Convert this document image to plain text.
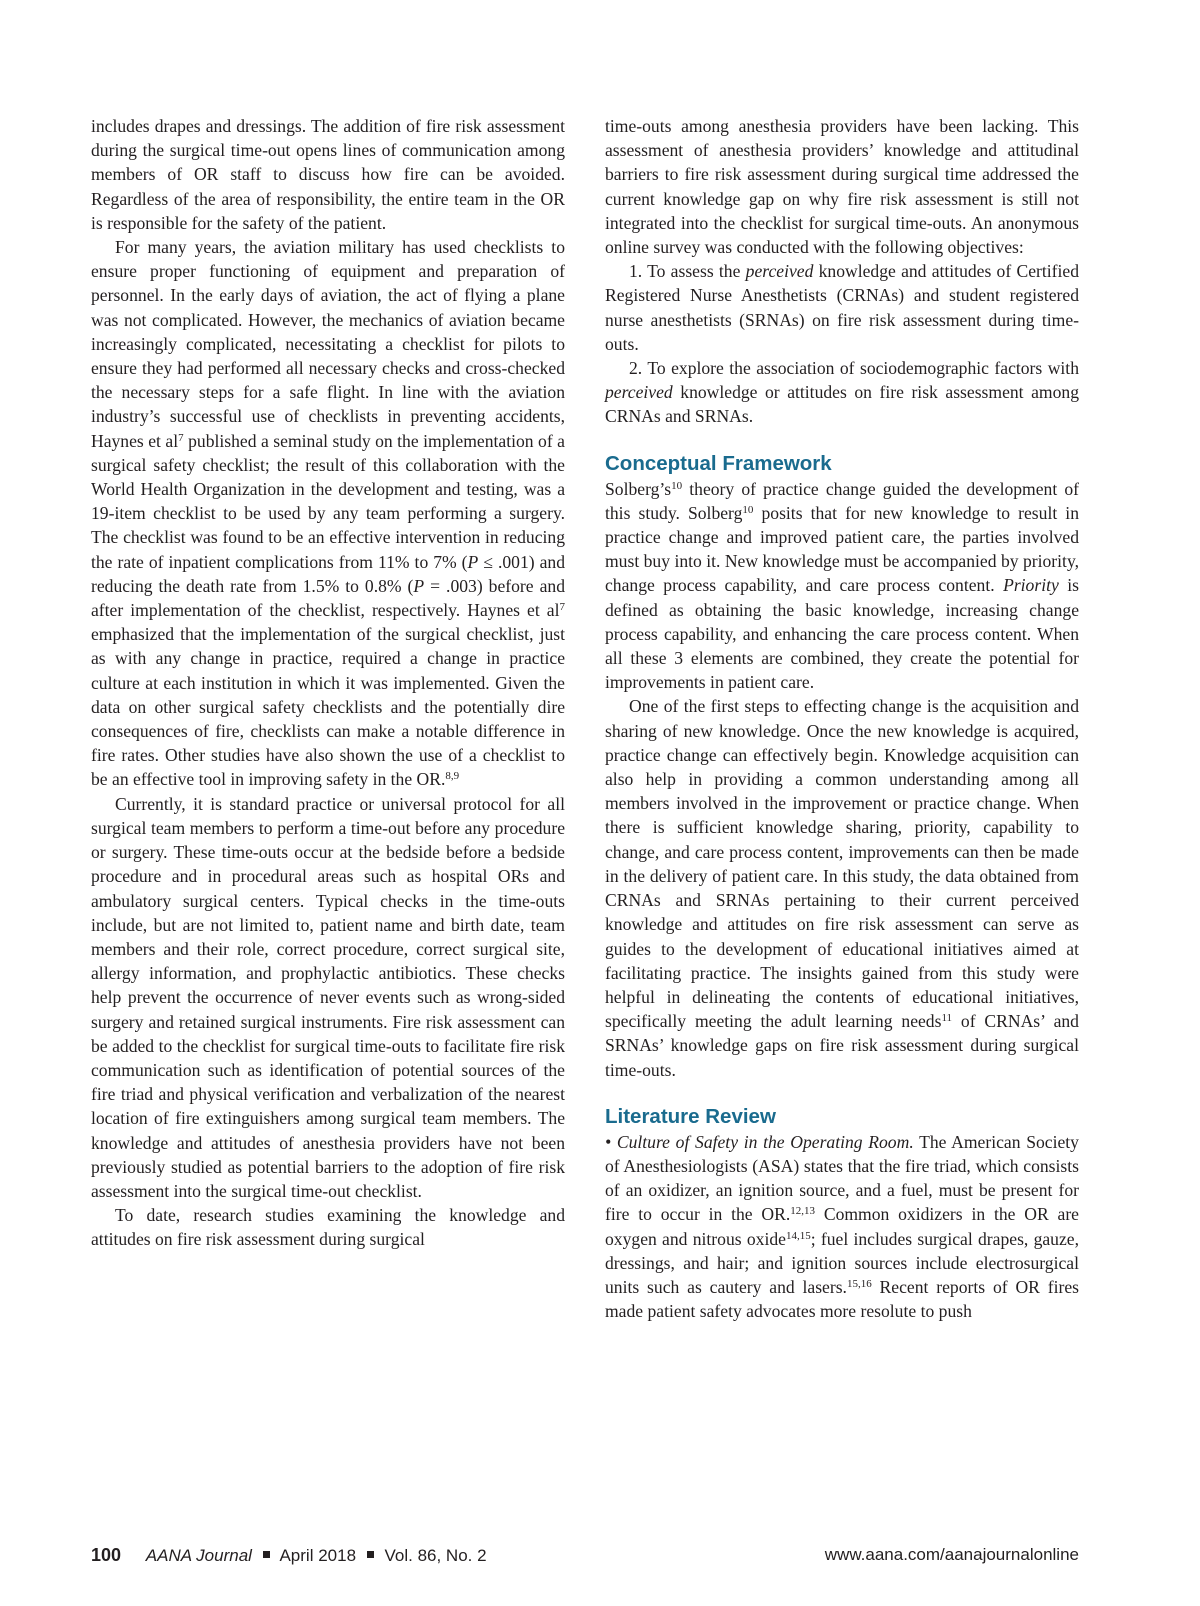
includes drapes and dressings. The addition of fire risk assessment during the surgical time-out opens lines of communication among members of OR staff to discuss how fire can be avoided. Regardless of the area of responsibility, the entire team in the OR is responsible for the safety of the patient.

For many years, the aviation military has used checklists to ensure proper functioning of equipment and preparation of personnel. In the early days of aviation, the act of flying a plane was not complicated. However, the mechanics of aviation became increasingly complicated, necessitating a checklist for pilots to ensure they had performed all necessary checks and cross-checked the necessary steps for a safe flight. In line with the aviation industry’s successful use of checklists in preventing accidents, Haynes et $al^7$ published a seminal study on the implementation of a surgical safety checklist; the result of this collaboration with the World Health Organization in the development and testing, was a 19-item checklist to be used by any team performing a surgery. The checklist was found to be an effective intervention in reducing the rate of inpatient complications from 11% to 7% (P ≤ .001) and reducing the death rate from 1.5% to 0.8% (P = .003) before and after implementation of the checklist, respectively. Haynes et $al^7$ emphasized that the implementation of the surgical checklist, just as with any change in practice, required a change in practice culture at each institution in which it was implemented. Given the data on other surgical safety checklists and the potentially dire consequences of fire, checklists can make a notable difference in fire rates. Other studies have also shown the use of a checklist to be an effective tool in improving safety in the OR.$^{8,9}$

Currently, it is standard practice or universal protocol for all surgical team members to perform a time-out before any procedure or surgery. These time-outs occur at the bedside before a bedside procedure and in procedural areas such as hospital ORs and ambulatory surgical centers. Typical checks in the time-outs include, but are not limited to, patient name and birth date, team members and their role, correct procedure, correct surgical site, allergy information, and prophylactic antibiotics. These checks help prevent the occurrence of never events such as wrong-sided surgery and retained surgical instruments. Fire risk assessment can be added to the checklist for surgical time-outs to facilitate fire risk communication such as identification of potential sources of the fire triad and physical verification and verbalization of the nearest location of fire extinguishers among surgical team members. The knowledge and attitudes of anesthesia providers have not been previously studied as potential barriers to the adoption of fire risk assessment into the surgical time-out checklist.

To date, research studies examining the knowledge and attitudes on fire risk assessment during surgical

time-outs among anesthesia providers have been lacking. This assessment of anesthesia providers’ knowledge and attitudinal barriers to fire risk assessment during surgical time addressed the current knowledge gap on why fire risk assessment is still not integrated into the checklist for surgical time-outs. An anonymous online survey was conducted with the following objectives:

1. To assess the perceived knowledge and attitudes of Certified Registered Nurse Anesthetists (CRNAs) and student registered nurse anesthetists (SRNAs) on fire risk assessment during time-outs.

2. To explore the association of sociodemographic factors with perceived knowledge or attitudes on fire risk assessment among CRNAs and SRNAs.

Conceptual Framework

$Solberg’s^{10}$ theory of practice change guided the development of this study. Solberg$^{10}$ posits that for new knowledge to result in practice change and improved patient care, the parties involved must buy into it. New knowledge must be accompanied by priority, change process capability, and care process content. Priority is defined as obtaining the basic knowledge, increasing change process capability, and enhancing the care process content. When all these 3 elements are combined, they create the potential for improvements in patient care.

One of the first steps to effecting change is the acquisition and sharing of new knowledge. Once the new knowledge is acquired, practice change can effectively begin. Knowledge acquisition can also help in providing a common understanding among all members involved in the improvement or practice change. When there is sufficient knowledge sharing, priority, capability to change, and care process content, improvements can then be made in the delivery of patient care. In this study, the data obtained from CRNAs and SRNAs pertaining to their current perceived knowledge and attitudes on fire risk assessment can serve as guides to the development of educational initiatives aimed at facilitating practice. The insights gained from this study were helpful in delineating the contents of educational initiatives, specifically meeting the adult learning needs$^{11}$ of CRNAs’ and SRNAs’ knowledge gaps on fire risk assessment during surgical time-outs.

Literature Review

• Culture of Safety in the Operating Room. The American Society of Anesthesiologists (ASA) states that the fire triad, which consists of an oxidizer, an ignition source, and a fuel, must be present for fire to occur in the OR.$^{12,13}$ Common oxidizers in the OR are oxygen and nitrous oxide$^{14,15}$; fuel includes surgical drapes, gauze, dressings, and hair; and ignition sources include electrosurgical units such as cautery and lasers.$^{15,16}$ Recent reports of OR fires made patient safety advocates more resolute to push

100 AANA Journal April 2018 Vol. 86, No. 2	www.aana.com/aanajournalonline
